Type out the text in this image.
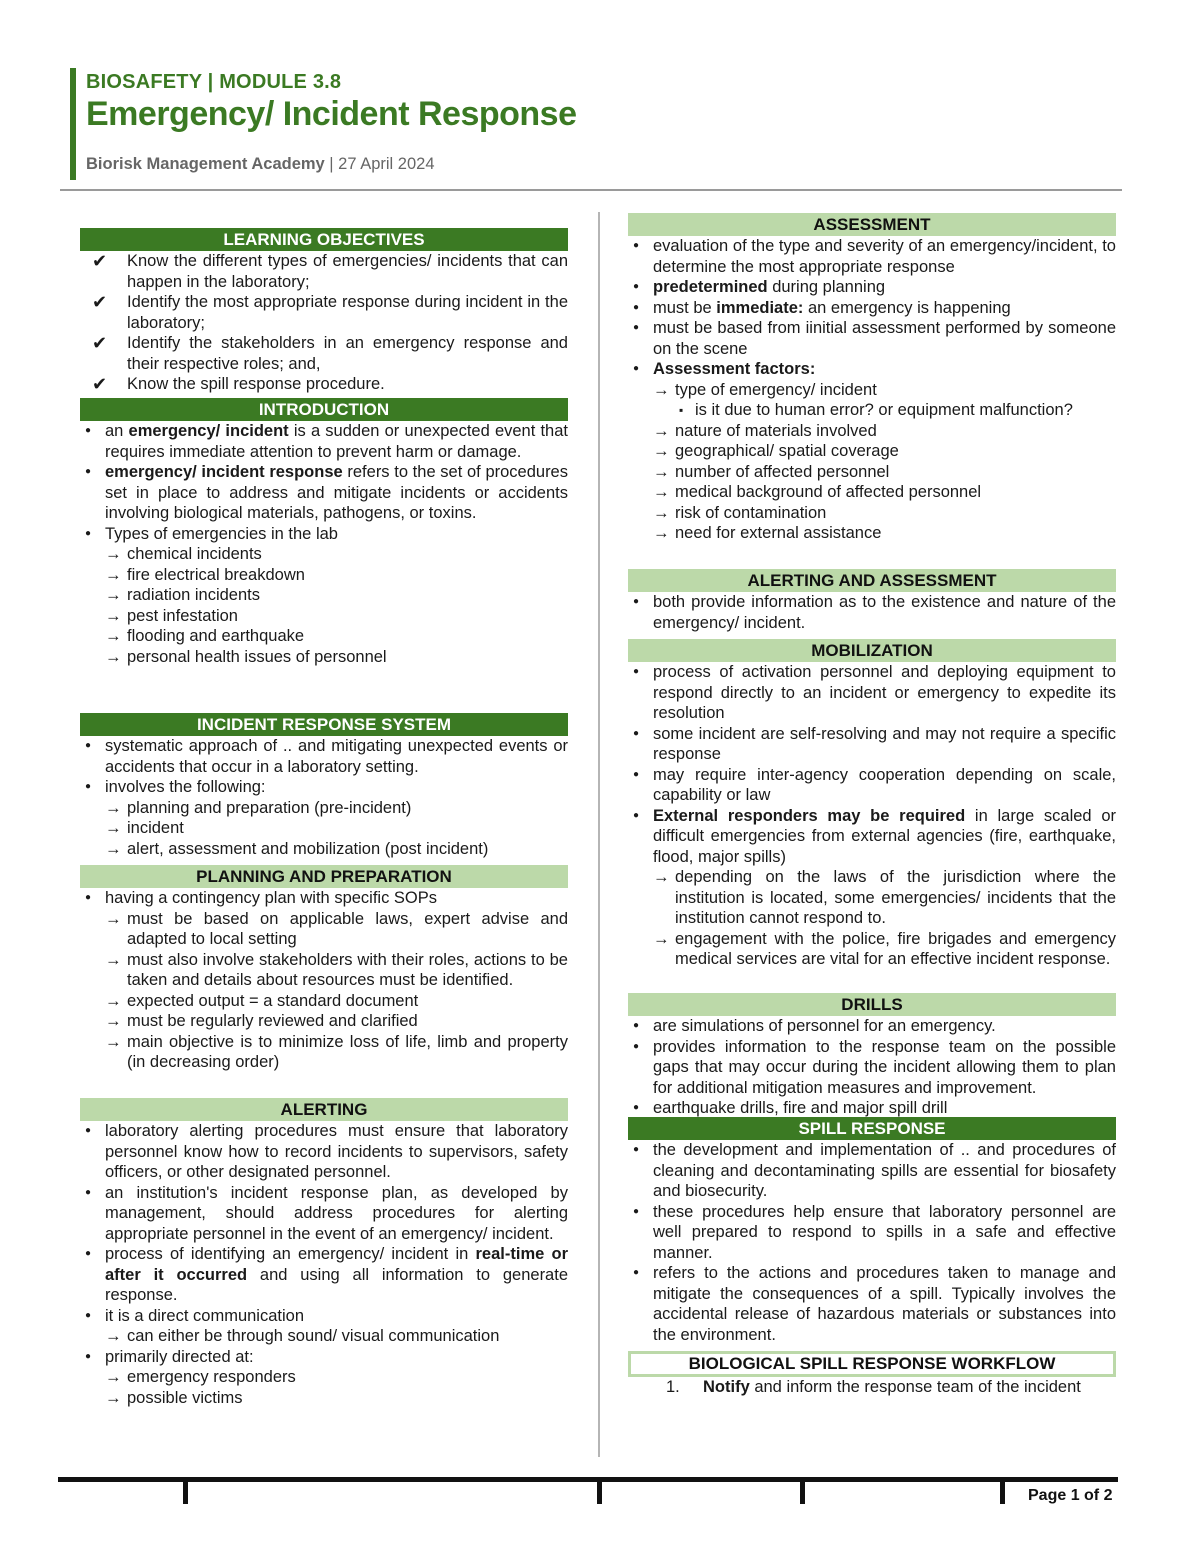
BIOSAFETY | MODULE 3.8
Emergency/ Incident Response
Biorisk Management Academy | 27 April 2024
LEARNING OBJECTIVES
✔ Know the different types of emergencies/ incidents that can happen in the laboratory;
✔ Identify the most appropriate response during incident in the laboratory;
✔ Identify the stakeholders in an emergency response and their respective roles; and,
✔ Know the spill response procedure.
INTRODUCTION
● an emergency/ incident is a sudden or unexpected event that requires immediate attention to prevent harm or damage.
● emergency/ incident response refers to the set of procedures set in place to address and mitigate incidents or accidents involving biological materials, pathogens, or toxins.
● Types of emergencies in the lab
→ chemical incidents
→ fire electrical breakdown
→ radiation incidents
→ pest infestation
→ flooding and earthquake
→ personal health issues of personnel
INCIDENT RESPONSE SYSTEM
● systematic approach of .. and mitigating unexpected events or accidents that occur in a laboratory setting.
● involves the following:
→ planning and preparation (pre-incident)
→ incident
→ alert, assessment and mobilization (post incident)
PLANNING AND PREPARATION
● having a contingency plan with specific SOPs
→ must be based on applicable laws, expert advise and adapted to local setting
→ must also involve stakeholders with their roles, actions to be taken and details about resources must be identified.
→ expected output = a standard document
→ must be regularly reviewed and clarified
→ main objective is to minimize loss of life, limb and property (in decreasing order)
ALERTING
● laboratory alerting procedures must ensure that laboratory personnel know how to record incidents to supervisors, safety officers, or other designated personnel.
● an institution's incident response plan, as developed by management, should address procedures for alerting appropriate personnel in the event of an emergency/ incident.
● process of identifying an emergency/ incident in real-time or after it occurred and using all information to generate response.
● it is a direct communication
→ can either be through sound/ visual communication
● primarily directed at:
→ emergency responders
→ possible victims
ASSESSMENT
● evaluation of the type and severity of an emergency/incident, to determine the most appropriate response
● predetermined during planning
● must be immediate: an emergency is happening
● must be based from iinitial assessment performed by someone on the scene
● Assessment factors:
→ type of emergency/ incident
▪ is it due to human error? or equipment malfunction?
→ nature of materials involved
→ geographical/ spatial coverage
→ number of affected personnel
→ medical background of affected personnel
→ risk of contamination
→ need for external assistance
ALERTING AND ASSESSMENT
● both provide information as to the existence and nature of the emergency/ incident.
MOBILIZATION
● process of activation personnel and deploying equipment to respond directly to an incident or emergency to expedite its resolution
● some incident are self-resolving and may not require a specific response
● may require inter-agency cooperation depending on scale, capability or law
● External responders may be required in large scaled or difficult emergencies from external agencies (fire, earthquake, flood, major spills)
→ depending on the laws of the jurisdiction where the institution is located, some emergencies/ incidents that the institution cannot respond to.
→ engagement with the police, fire brigades and emergency medical services are vital for an effective incident response.
DRILLS
● are simulations of personnel for an emergency.
● provides information to the response team on the possible gaps that may occur during the incident allowing them to plan for additional mitigation measures and improvement.
● earthquake drills, fire and major spill drill
SPILL RESPONSE
● the development and implementation of .. and procedures of cleaning and decontaminating spills are essential for biosafety and biosecurity.
● these procedures help ensure that laboratory personnel are well prepared to respond to spills in a safe and effective manner.
● refers to the actions and procedures taken to manage and mitigate the consequences of a spill. Typically involves the accidental release of hazardous materials or substances into the environment.
BIOLOGICAL SPILL RESPONSE WORKFLOW
1. Notify and inform the response team of the incident
Page 1 of 2
